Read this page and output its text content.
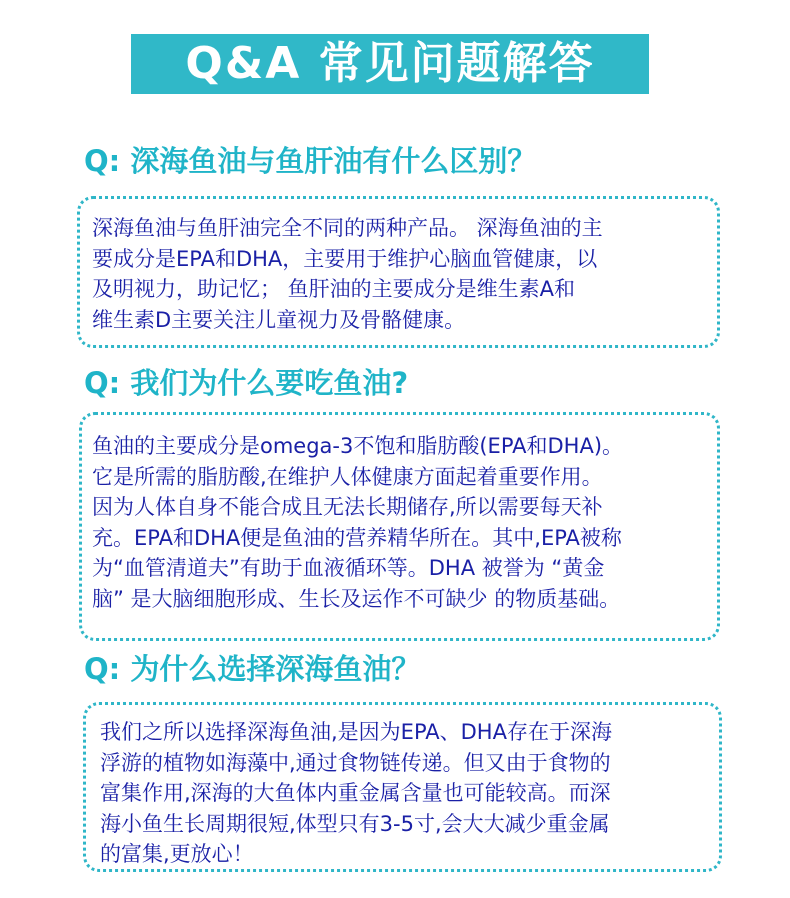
Q&A 常见问题解答
Q: 深海鱼油与鱼肝油有什么区别？

深海鱼油与鱼肝油完全不同的两种产品。 深海鱼油的主
要成分是EPA和DHA，主要用于维护心脑血管健康，以
及明视力，助记忆； 鱼肝油的主要成分是维生素A和
维生素D主要关注儿童视力及骨骼健康。

Q: 我们为什么要吃鱼油?

鱼油的主要成分是omega-3不饱和脂肪酸(EPA和DHA)。
它是所需的脂肪酸,在维护人体健康方面起着重要作用。
因为人体自身不能合成且无法长期储存,所以需要每天补
充。EPA和DHA便是鱼油的营养精华所在。其中,EPA被称
为“血管清道夫”有助于血液循环等。DHA 被誉为 “黄金
脑” 是大脑细胞形成、生长及运作不可缺少 的物质基础。

Q: 为什么选择深海鱼油？

我们之所以选择深海鱼油,是因为EPA、DHA存在于深海
浮游的植物如海藻中,通过食物链传递。但又由于食物的
富集作用,深海的大鱼体内重金属含量也可能较高。而深
海小鱼生长周期很短,体型只有3-5寸,会大大减少重金属
的富集,更放心！
